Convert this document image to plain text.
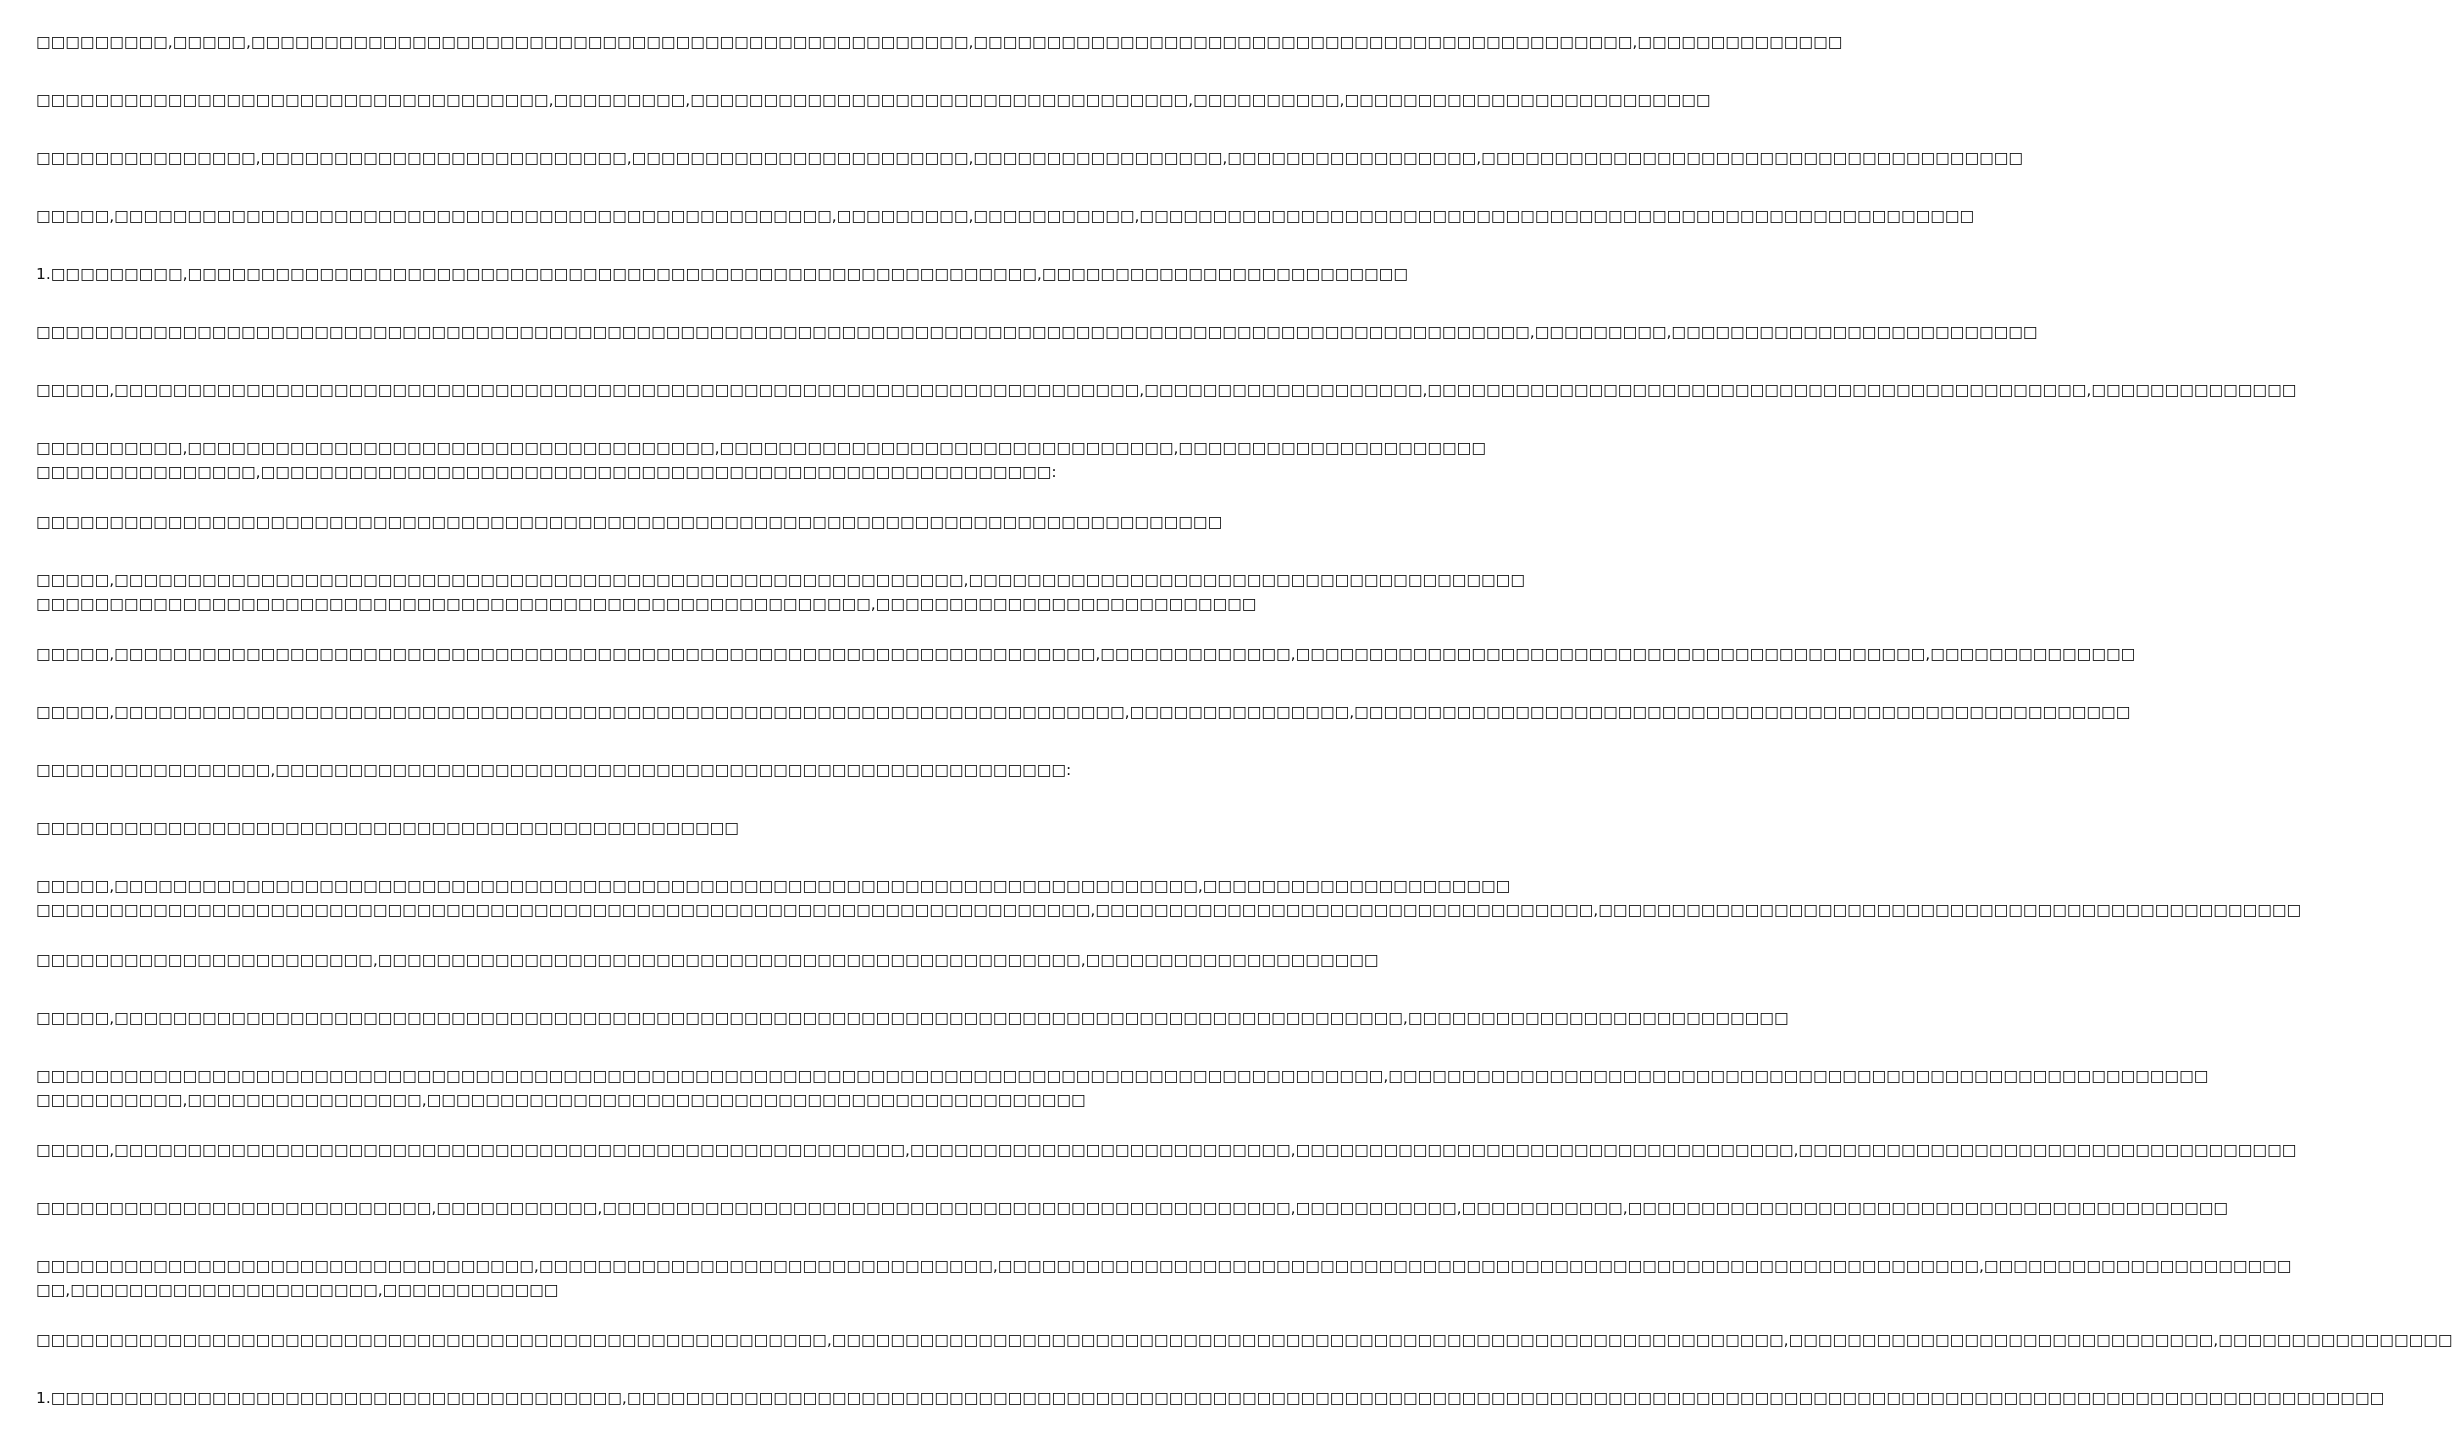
□□□□□□□□□,□□□□□,□□□□□□□□□□□□□□□□□□□□□□□□□□□□□□□□□□□□□□□□□□□□□□□□□,□□□□□□□□□□□□□□□□□□□□□□□□□□□□□□□□□□□□□□□□□□□□□,□□□□□□□□□□□□□□
□□□□□□□□□□□□□□□□□□□□□□□□□□□□□□□□□□□,□□□□□□□□□,□□□□□□□□□□□□□□□□□□□□□□□□□□□□□□□□□□,□□□□□□□□□□,□□□□□□□□□□□□□□□□□□□□□□□□□
□□□□□□□□□□□□□□□,□□□□□□□□□□□□□□□□□□□□□□□□□,□□□□□□□□□□□□□□□□□□□□□□□,□□□□□□□□□□□□□□□□□,□□□□□□□□□□□□□□□□□,□□□□□□□□□□□□□□□□□□□□□□□□□□□□□□□□□□□□□
□□□□□,□□□□□□□□□□□□□□□□□□□□□□□□□□□□□□□□□□□□□□□□□□□□□□□□□,□□□□□□□□□,□□□□□□□□□□□,□□□□□□□□□□□□□□□□□□□□□□□□□□□□□□□□□□□□□□□□□□□□□□□□□□□□□□□□□
1.□□□□□□□□□,□□□□□□□□□□□□□□□□□□□□□□□□□□□□□□□□□□□□□□□□□□□□□□□□□□□□□□□□□□,□□□□□□□□□□□□□□□□□□□□□□□□□
□□□□□□□□□□□□□□□□□□□□□□□□□□□□□□□□□□□□□□□□□□□□□□□□□□□□□□□□□□□□□□□□□□□□□□□□□□□□□□□□□□□□□□□□□□□□□□□□□□□□□□,□□□□□□□□□,□□□□□□□□□□□□□□□□□□□□□□□□□
□□□□□,□□□□□□□□□□□□□□□□□□□□□□□□□□□□□□□□□□□□□□□□□□□□□□□□□□□□□□□□□□□□□□□□□□□□□□,□□□□□□□□□□□□□□□□□□□,□□□□□□□□□□□□□□□□□□□□□□□□□□□□□□□□□□□□□□□□□□□□□,□□□□□□□□□□□□□□
□□□□□□□□□□,□□□□□□□□□□□□□□□□□□□□□□□□□□□□□□□□□□□□,□□□□□□□□□□□□□□□□□□□□□□□□□□□□□□□,□□□□□□□□□□□□□□□□□□□□□
□□□□□□□□□□□□□□□,□□□□□□□□□□□□□□□□□□□□□□□□□□□□□□□□□□□□□□□□□□□□□□□□□□□□□□:
□□□□□□□□□□□□□□□□□□□□□□□□□□□□□□□□□□□□□□□□□□□□□□□□□□□□□□□□□□□□□□□□□□□□□□□□□□□□□□□□□
□□□□□,□□□□□□□□□□□□□□□□□□□□□□□□□□□□□□□□□□□□□□□□□□□□□□□□□□□□□□□□□□,□□□□□□□□□□□□□□□□□□□□□□□□□□□□□□□□□□□□□□
□□□□□□□□□□□□□□□□□□□□□□□□□□□□□□□□□□□□□□□□□□□□□□□□□□□□□□□□□,□□□□□□□□□□□□□□□□□□□□□□□□□□
□□□□□,□□□□□□□□□□□□□□□□□□□□□□□□□□□□□□□□□□□□□□□□□□□□□□□□□□□□□□□□□□□□□□□□□□□,□□□□□□□□□□□□□,□□□□□□□□□□□□□□□□□□□□□□□□□□□□□□□□□□□□□□□□□□□,□□□□□□□□□□□□□□
□□□□□,□□□□□□□□□□□□□□□□□□□□□□□□□□□□□□□□□□□□□□□□□□□□□□□□□□□□□□□□□□□□□□□□□□□□□,□□□□□□□□□□□□□□□,□□□□□□□□□□□□□□□□□□□□□□□□□□□□□□□□□□□□□□□□□□□□□□□□□□□□□
□□□□□□□□□□□□□□□□,□□□□□□□□□□□□□□□□□□□□□□□□□□□□□□□□□□□□□□□□□□□□□□□□□□□□□□:
□□□□□□□□□□□□□□□□□□□□□□□□□□□□□□□□□□□□□□□□□□□□□□□□
□□□□□,□□□□□□□□□□□□□□□□□□□□□□□□□□□□□□□□□□□□□□□□□□□□□□□□□□□□□□□□□□□□□□□□□□□□□□□□□□,□□□□□□□□□□□□□□□□□□□□□
□□□□□□□□□□□□□□□□□□□□□□□□□□□□□□□□□□□□□□□□□□□□□□□□□□□□□□□□□□□□□□□□□□□□□□□□,□□□□□□□□□□□□□□□□□□□□□□□□□□□□□□□□□□,□□□□□□□□□□□□□□□□□□□□□□□□□□□□□□□□□□□□□□□□□□□□□□□□
□□□□□□□□□□□□□□□□□□□□□□□,□□□□□□□□□□□□□□□□□□□□□□□□□□□□□□□□□□□□□□□□□□□□□□□□,□□□□□□□□□□□□□□□□□□□□
□□□□□,□□□□□□□□□□□□□□□□□□□□□□□□□□□□□□□□□□□□□□□□□□□□□□□□□□□□□□□□□□□□□□□□□□□□□□□□□□□□□□□□□□□□□□□□,□□□□□□□□□□□□□□□□□□□□□□□□□□
□□□□□□□□□□□□□□□□□□□□□□□□□□□□□□□□□□□□□□□□□□□□□□□□□□□□□□□□□□□□□□□□□□□□□□□□□□□□□□□□□□□□□□□□□□□□,□□□□□□□□□□□□□□□□□□□□□□□□□□□□□□□□□□□□□□□□□□□□□□□□□□□□□□□□
□□□□□□□□□□,□□□□□□□□□□□□□□□□,□□□□□□□□□□□□□□□□□□□□□□□□□□□□□□□□□□□□□□□□□□□□□
□□□□□,□□□□□□□□□□□□□□□□□□□□□□□□□□□□□□□□□□□□□□□□□□□□□□□□□□□□□□,□□□□□□□□□□□□□□□□□□□□□□□□□□,□□□□□□□□□□□□□□□□□□□□□□□□□□□□□□□□□□,□□□□□□□□□□□□□□□□□□□□□□□□□□□□□□□□□□
□□□□□□□□□□□□□□□□□□□□□□□□□□□,□□□□□□□□□□□,□□□□□□□□□□□□□□□□□□□□□□□□□□□□□□□□□□□□□□□□□□□□□□□,□□□□□□□□□□□,□□□□□□□□□□□,□□□□□□□□□□□□□□□□□□□□□□□□□□□□□□□□□□□□□□□□□
□□□□□□□□□□□□□□□□□□□□□□□□□□□□□□□□□□,□□□□□□□□□□□□□□□□□□□□□□□□□□□□□□□,□□□□□□□□□□□□□□□□□□□□□□□□□□□□□□□□□□□□□□□□□□□□□□□□□□□□□□□□□□□□□□□□□□□,□□□□□□□□□□□□□□□□□□□□□
□□,□□□□□□□□□□□□□□□□□□□□□,□□□□□□□□□□□□
□□□□□□□□□□□□□□□□□□□□□□□□□□□□□□□□□□□□□□□□□□□□□□□□□□□□□□,□□□□□□□□□□□□□□□□□□□□□□□□□□□□□□□□□□□□□□□□□□□□□□□□□□□□□□□□□□□□□□□□□,□□□□□□□□□□□□□□□□□□□□□□□□□□□□□,□□□□□□□□□□□□□□□□
1.□□□□□□□□□□□□□□□□□□□□□□□□□□□□□□□□□□□□□□□,□□□□□□□□□□□□□□□□□□□□□□□□□□□□□□□□□□□□□□□□□□□□□□□□□□□□□□□□□□□□□□□□□□□□□□□□□□□□□□□□□□□□□□□□□□□□□□□□□□□□□□□□□□□□□□□□□□□□□□□□
